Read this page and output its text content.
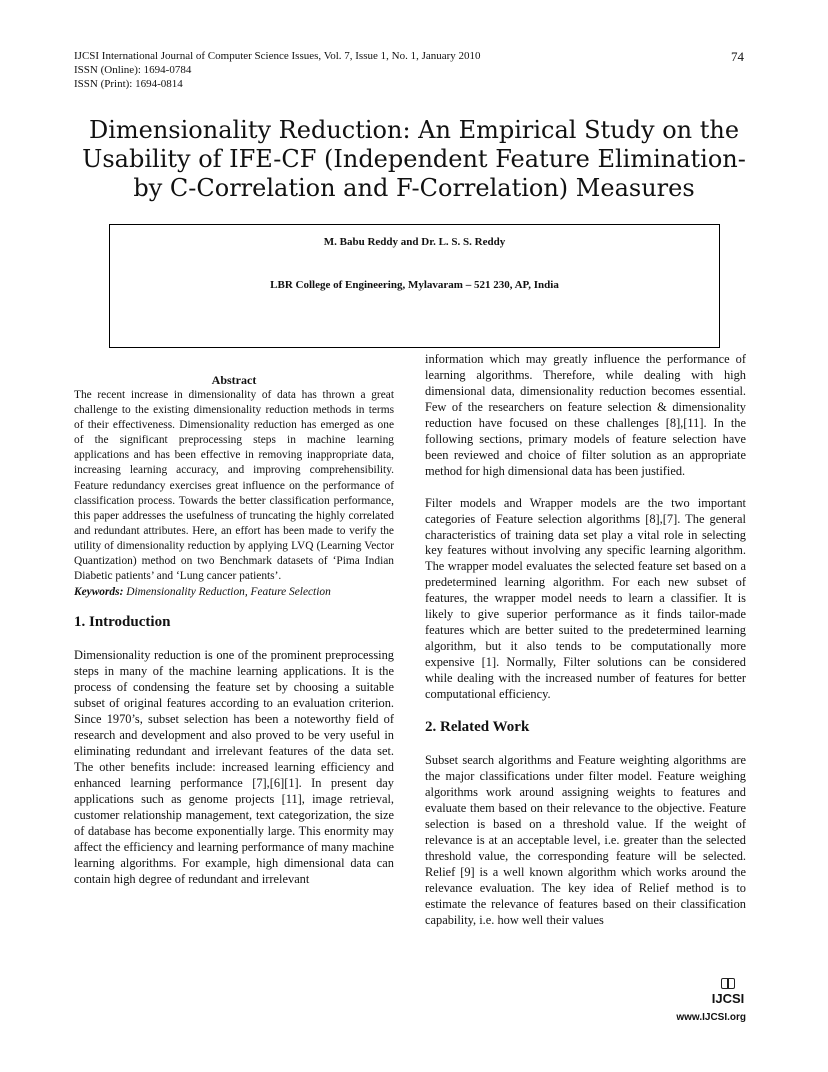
IJCSI International Journal of Computer Science Issues, Vol. 7, Issue 1, No. 1, January 2010
ISSN (Online): 1694-0784
ISSN (Print): 1694-0814
74
Dimensionality Reduction: An Empirical Study on the
Usability of IFE-CF (Independent Feature Elimination-
by C-Correlation and F-Correlation) Measures
M. Babu Reddy and Dr. L. S. S. Reddy
LBR College of Engineering, Mylavaram – 521 230, AP, India
Abstract

The recent increase in dimensionality of data has thrown a great challenge to the existing dimensionality reduction methods in terms of their effectiveness. Dimensionality reduction has emerged as one of the significant preprocessing steps in machine learning applications and has been effective in removing inappropriate data, increasing learning accuracy, and improving comprehensibility. Feature redundancy exercises great influence on the performance of classification process. Towards the better classification performance, this paper addresses the usefulness of truncating the highly correlated and redundant attributes. Here, an effort has been made to verify the utility of dimensionality reduction by applying LVQ (Learning Vector Quantization) method on two Benchmark datasets of ‘Pima Indian Diabetic patients’ and ‘Lung cancer patients’.

Keywords: Dimensionality Reduction, Feature Selection
1. Introduction

Dimensionality reduction is one of the prominent preprocessing steps in many of the machine learning applications. It is the process of condensing the feature set by choosing a suitable subset of original features according to an evaluation criterion. Since 1970’s, subset selection has been a noteworthy field of research and development and also proved to be very useful in eliminating redundant and irrelevant features of the data set. The other benefits include: increased learning efficiency and enhanced learning performance [7],[6][1]. In present day applications such as genome projects [11], image retrieval, customer relationship management, text categorization, the size of database has become exponentially large. This enormity may affect the efficiency and learning performance of many machine learning algorithms. For example, high dimensional data can contain high degree of redundant and irrelevant

information which may greatly influence the performance of learning algorithms. Therefore, while dealing with high dimensional data, dimensionality reduction becomes essential. Few of the researchers on feature selection & dimensionality reduction have focused on these challenges [8],[11]. In the following sections, primary models of feature selection have been reviewed and choice of filter solution as an appropriate method for high dimensional data has been justified.

Filter models and Wrapper models are the two important categories of Feature selection algorithms [8],[7]. The general characteristics of training data set play a vital role in selecting key features without involving any specific learning algorithm. The wrapper model evaluates the selected feature set based on a predetermined learning algorithm. For each new subset of features, the wrapper model needs to learn a classifier. It is likely to give superior performance as it finds tailor-made features which are better suited to the predetermined learning algorithm, but it also tends to be computationally more expensive [1]. Normally, Filter solutions can be considered while dealing with the increased number of features for better computational efficiency.

2. Related Work

Subset search algorithms and Feature weighting algorithms are the major classifications under filter model. Feature weighing algorithms work around assigning weights to features and evaluate them based on their relevance to the objective. Feature selection is based on a threshold value. If the weight of relevance is at an acceptable level, i.e. greater than the selected threshold value, the corresponding feature will be selected. Relief [9] is a well known algorithm which works around the relevance evaluation. The key idea of Relief method is to estimate the relevance of features based on their classification capability, i.e. how well their values

IJCSI
www.IJCSI.org
